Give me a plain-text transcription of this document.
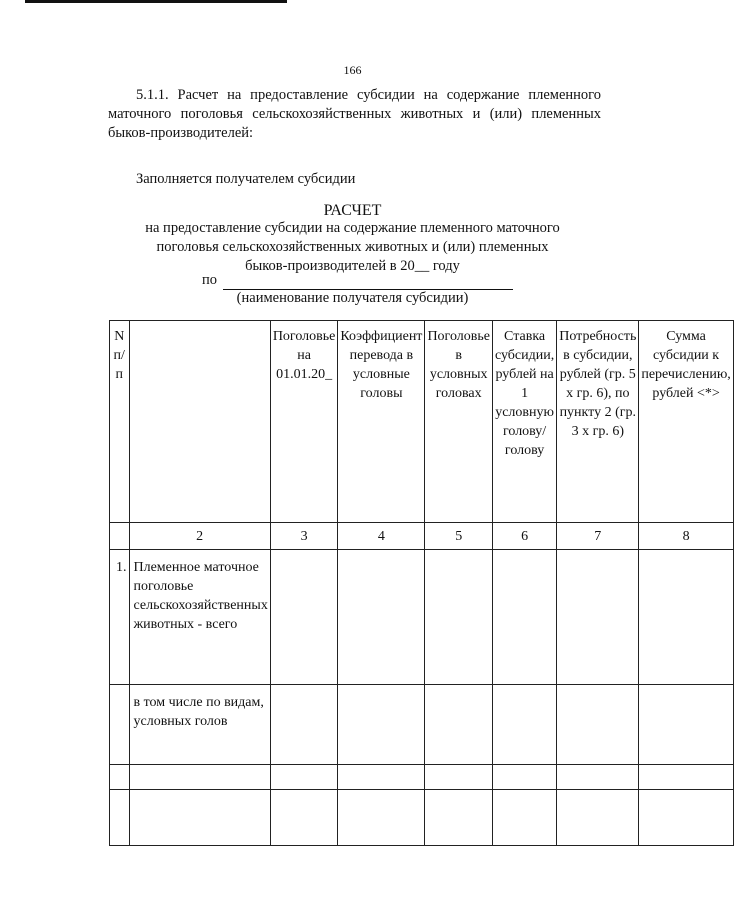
166

5.1.1. Расчет на предоставление субсидии на содержание племенного маточного поголовья сельскохозяйственных животных и (или) племенных быков-производителей:

Заполняется получателем субсидии
РАСЧЕТ
на предоставление субсидии на содержание племенного маточного поголовья сельскохозяйственных животных и (или) племенных быков-производителей в 20__ году
по
(наименование получателя субсидии)
N п/п		Поголовье на 01.01.20_	Коэффициент перевода в условные головы	Поголовье в условных головах	Ставка субсидии, рублей на 1 условную голову/голову	Потребность в субсидии, рублей (гр. 5 x гр. 6), по пункту 2 (гр. 3 x гр. 6)	Сумма субсидии к перечислению, рублей <*>
	2	3	4	5	6	7	8
1.	Племенное маточное поголовье сельскохозяйственных животных - всего						
	в том числе по видам, условных голов						
